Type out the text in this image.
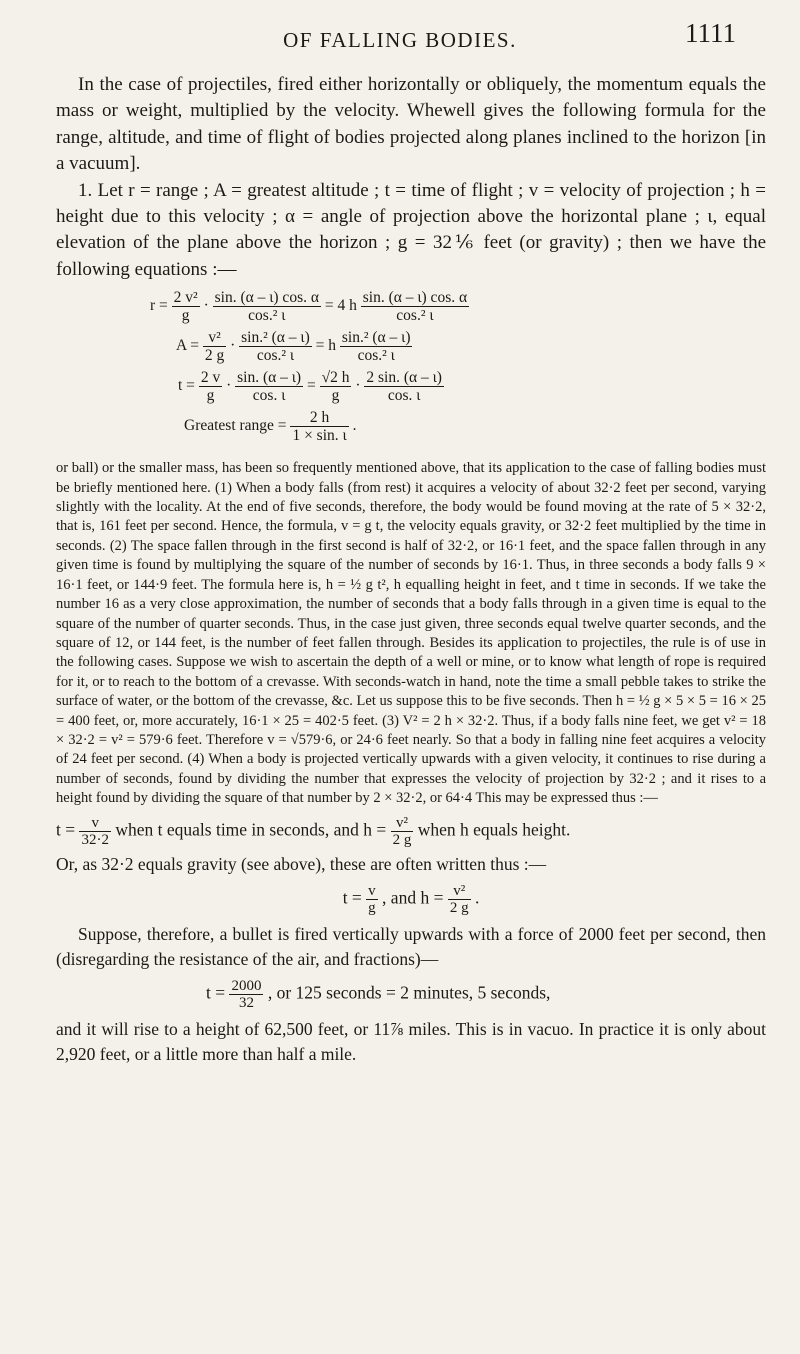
OF FALLING BODIES.	1111

In the case of projectiles, fired either horizontally or obliquely, the momentum equals the mass or weight, multiplied by the velocity. Whewell gives the following formula for the range, altitude, and time of flight of bodies projected along planes inclined to the horizon [in a vacuum].
1. Let r = range ; A = greatest altitude ; t = time of flight ; v = velocity of projection ; h = height due to this velocity ; α = angle of projection above the horizontal plane ; ι, equal elevation of the plane above the horizon ; g = 32⅙ feet (or gravity) ; then we have the following equations :—

$r = \frac{\text{2 v²}}{g} \cdot \frac{\sin. (\alpha - \iota) \cos. \alpha}{\text{cos.² ι}} = 4$ h $\frac{\sin. (\alpha - \iota) \cos. \alpha}{\text{cos.² ι}}$
$A = \frac{\text{v²}}{2 g} \cdot \frac{\text{sin.² (α – ι)}}{\text{cos.² ι}} = h \frac{\text{sin.² (α – ι)}}{\text{cos.² ι}}$
$t = \frac{2 v}{g} \cdot \frac{\sin. (\alpha - \iota)}{\cos. \iota} = \frac{√2 h}{g} \cdot \frac{2 \sin. (\alpha - \iota)}{\cos. \iota}$
Greatest range = $\frac{2 h}{1 \times \sin. \iota}$ .

or ball) or the smaller mass, has been so frequently mentioned above, that its application to the case of falling bodies must be briefly mentioned here. (1) When a body falls (from rest) it acquires a velocity of about 32·2 feet per second, varying slightly with the locality. At the end of five seconds, therefore, the body would be found moving at the rate of 5 × 32·2, that is, 161 feet per second. Hence, the formula, v = g t, the velocity equals gravity, or 32·2 feet multiplied by the time in seconds. (2) The space fallen through in the first second is half of 32·2, or 16·1 feet, and the space fallen through in any given time is found by multiplying the square of the number of seconds by 16·1. Thus, in three seconds a body falls 9 × 16·1 feet, or 144·9 feet. The formula here is, h = ½ g t², h equalling height in feet, and t time in seconds. If we take the number 16 as a very close approximation, the number of seconds that a body falls through in a given time is equal to the square of the number of quarter seconds. Thus, in the case just given, three seconds equal twelve quarter seconds, and the square of 12, or 144 feet, is the number of feet fallen through. Besides its application to projectiles, the rule is of use in the following cases. Suppose we wish to ascertain the depth of a well or mine, or to know what length of rope is required for it, or to reach to the bottom of a crevasse. With seconds-watch in hand, note the time a small pebble takes to strike the surface of water, or the bottom of the crevasse, &c. Let us suppose this to be five seconds. Then h = ½ g × 5 × 5 = 16 × 25 = 400 feet, or, more accurately, 16·1 × 25 = 402·5 feet. (3) V² = 2 h × 32·2. Thus, if a body falls nine feet, we get v² = 18 × 32·2 = v² = 579·6 feet. Therefore v = √579·6, or 24·6 feet nearly. So that a body in falling nine feet acquires a velocity of 24 feet per second. (4) When a body is projected vertically upwards with a given velocity, it continues to rise during a number of seconds, found by dividing the number that expresses the velocity of projection by 32·2 ; and it rises to a height found by dividing the square of that number by 2 × 32·2, or 64·4 This may be expressed thus :—

$t = \frac{v}{32\cdot 2}$ when t equals time in seconds, and $h = \frac{\text{v²}}{2 g}$ when h equals height.

Or, as 32·2 equals gravity (see above), these are often written thus :—

$t = \frac{v}{g}$ , and $h = \frac{\text{v²}}{2 g}$ .

Suppose, therefore, a bullet is fired vertically upwards with a force of 2000 feet per second, then (disregarding the resistance of the air, and fractions)—

$t = \frac{2000}{32}$ , or 125 seconds = 2 minutes, 5 seconds,

and it will rise to a height of 62,500 feet, or 11⅞ miles. This is in vacuo. In practice it is only about 2,920 feet, or a little more than half a mile.
